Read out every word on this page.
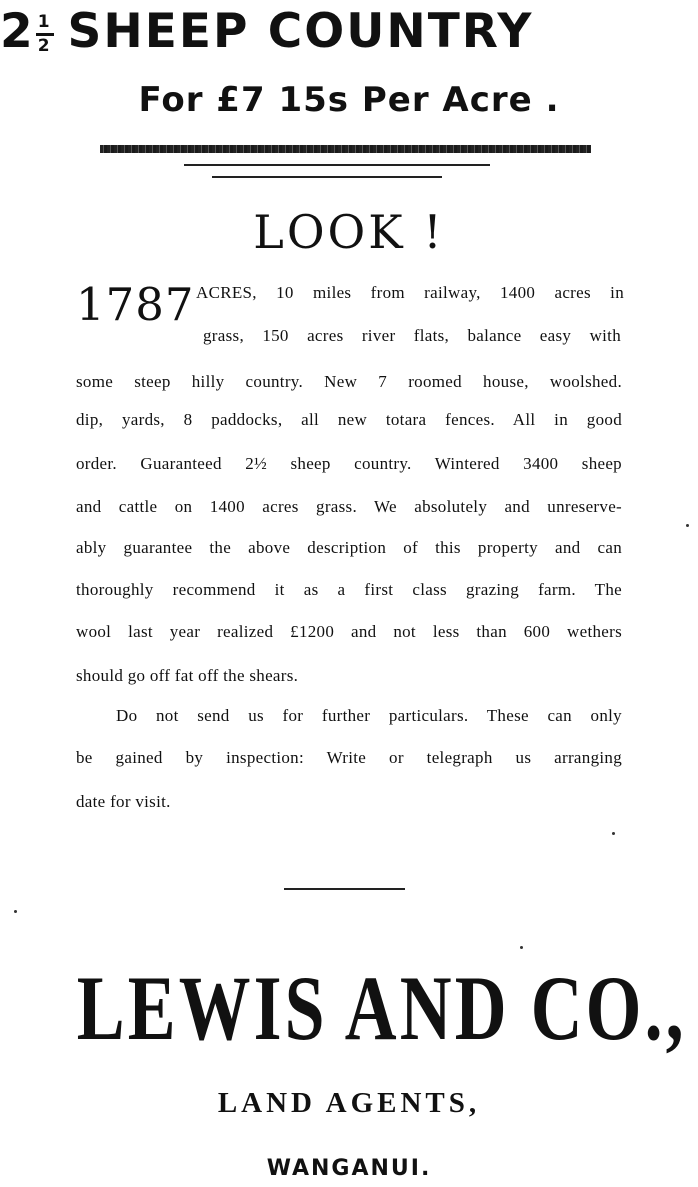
$2 \frac{1}{2}$ SHEEP COUNTRY
For £7 15s Per Acre .
LOOK !
1787 ACRES, 10 miles from railway, 1400 acres in
grass, 150 acres river flats, balance easy with
some steep hilly country. New 7 roomed house, woolshed.
dip, yards, 8 paddocks, all new totara fences. All in good
order. Guaranteed 2½ sheep country. Wintered 3400 sheep
and cattle on 1400 acres grass. We absolutely and unreserve-
ably guarantee the above description of this property and can
thoroughly recommend it as a first class grazing farm. The
wool last year realized £1200 and not less than 600 wethers
should go off fat off the shears.
Do not send us for further particulars. These can only
be gained by inspection: Write or telegraph us arranging
date for visit.
LEWIS AND CO.,
LAND AGENTS,
WANGANUI.
